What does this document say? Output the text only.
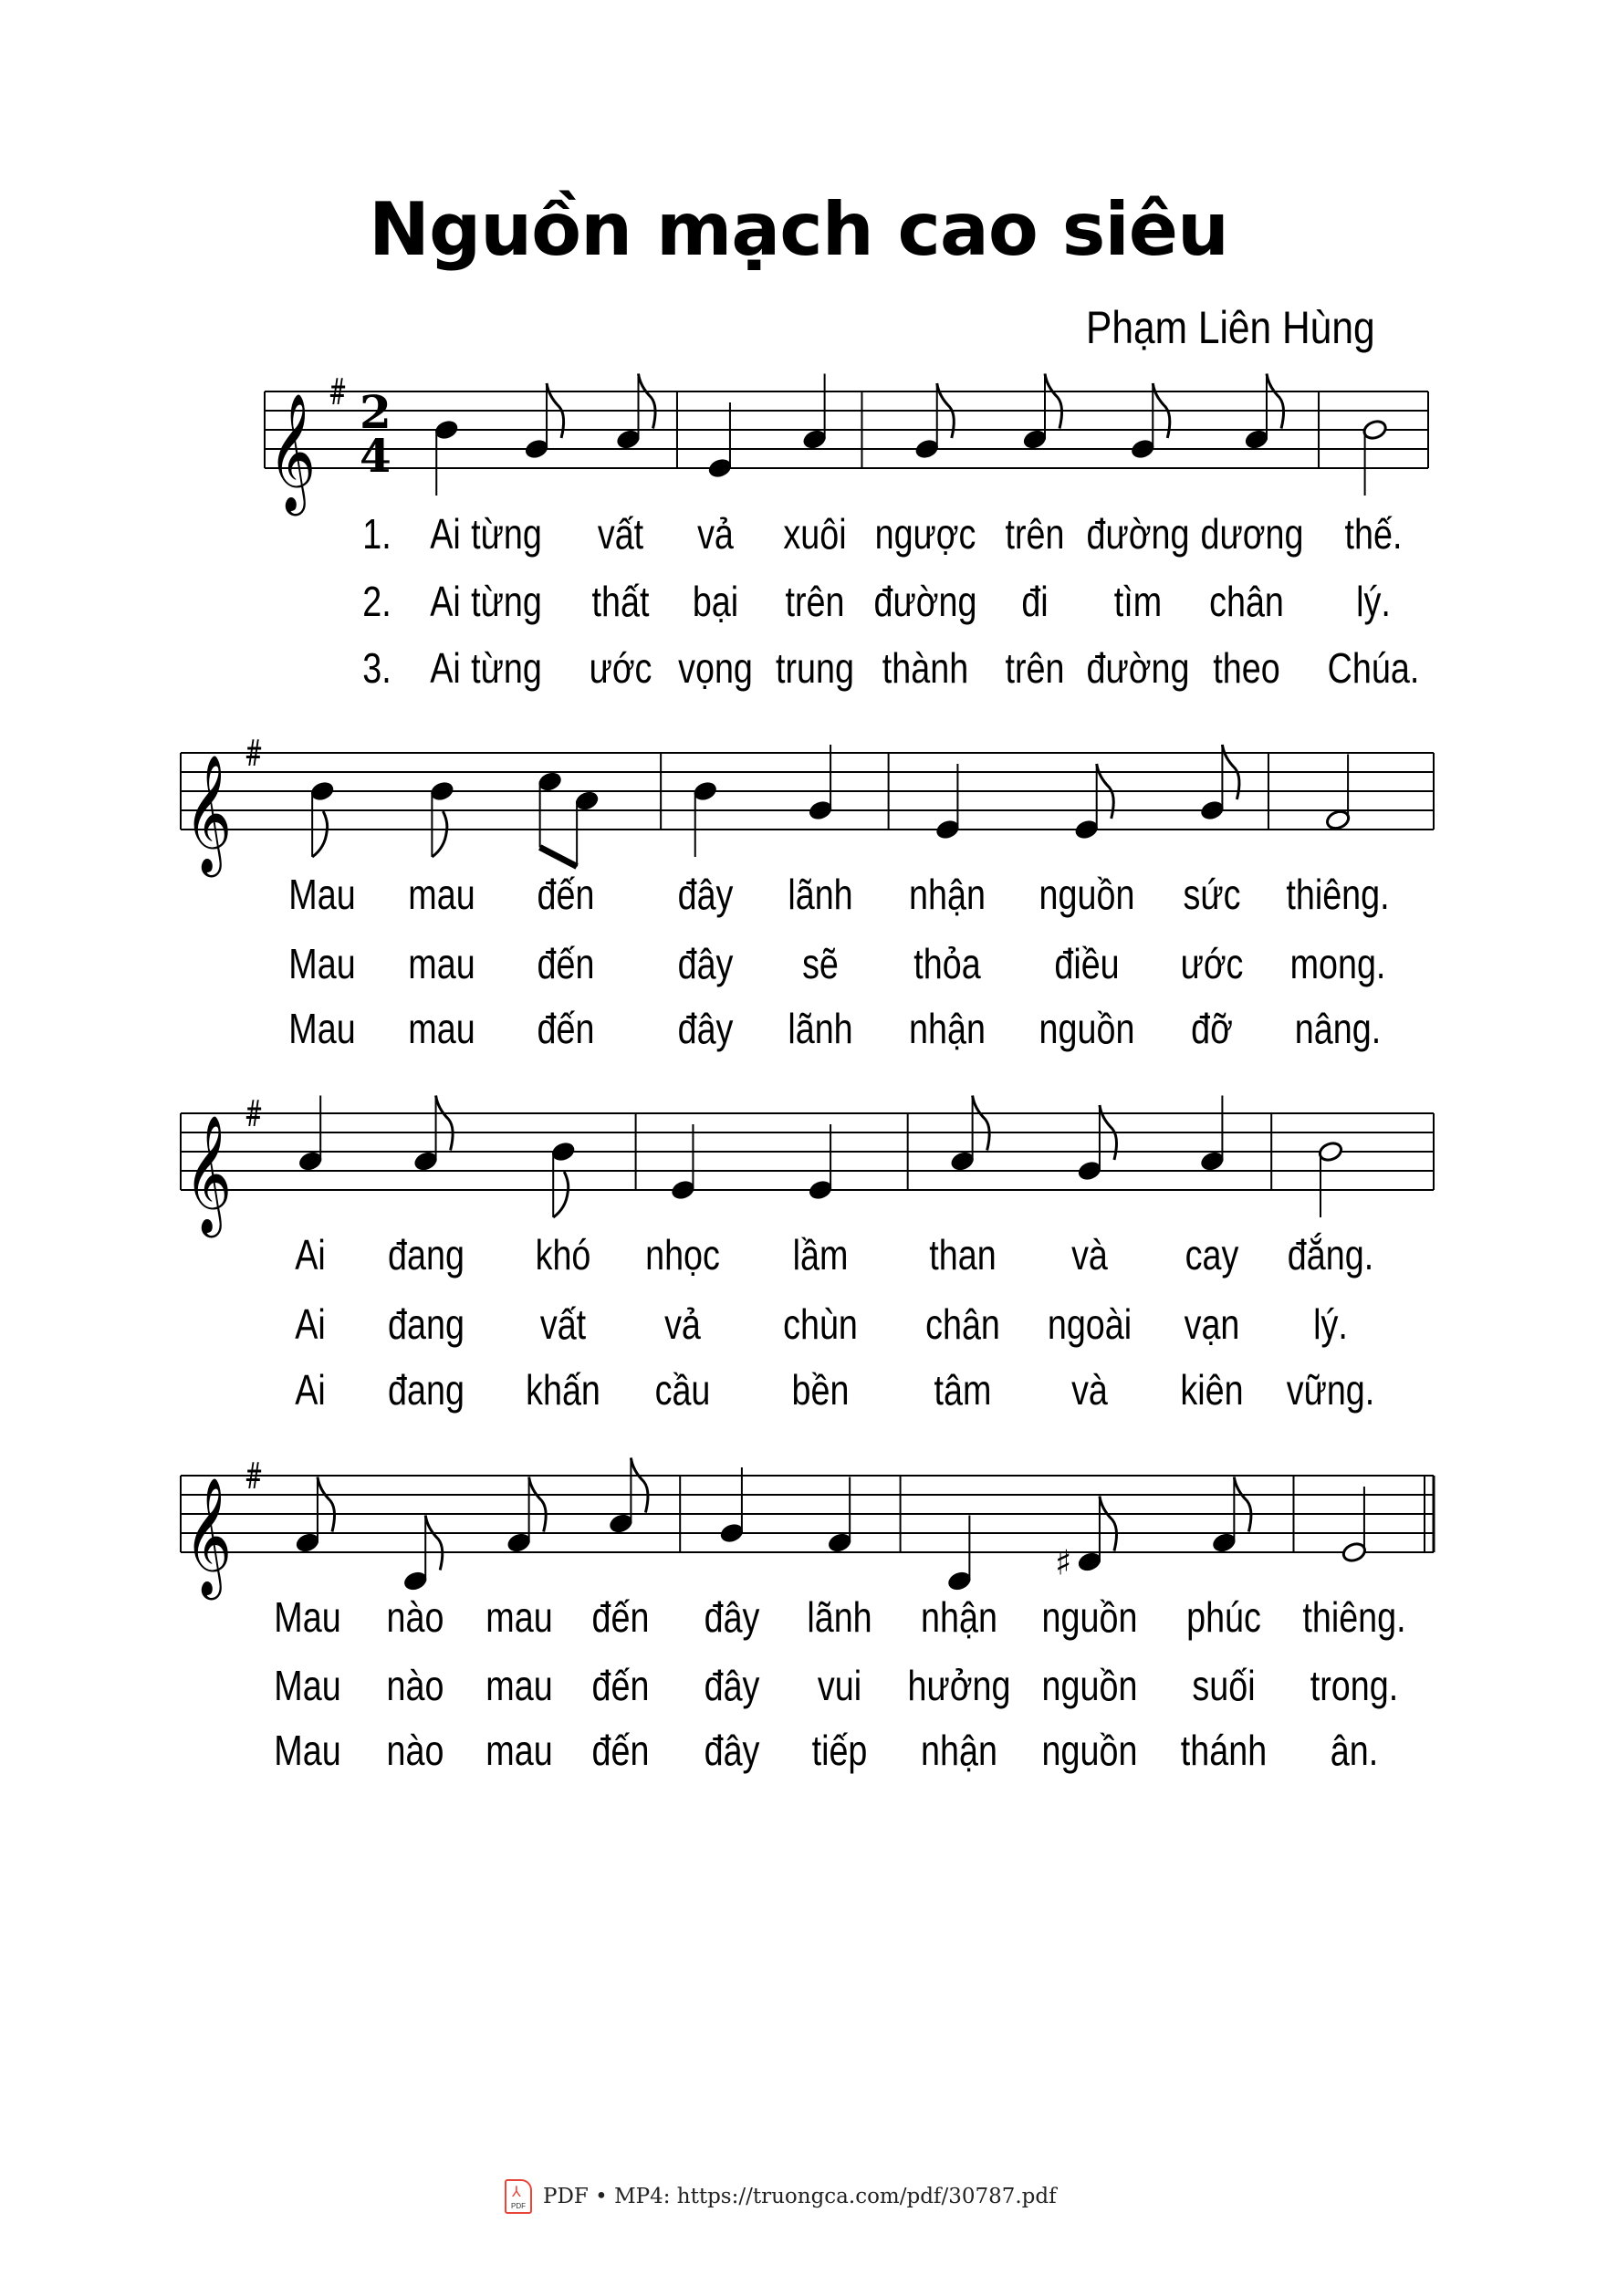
Nguồn mạch cao siêu
Phạm Liên Hùng
𝄞 # 2
4
𝄞 #
𝄞 #
𝄞 #
♯
1. Ai từng vất vả xuôi ngược trên đường dương thế.
2. Ai từng thất bại trên đường đi tìm chân lý.
3. Ai từng ước vọng trung thành trên đường theo Chúa.
Mau mau đến đây lãnh nhận nguồn sức thiêng.
Mau mau đến đây sẽ thỏa điều ước mong.
Mau mau đến đây lãnh nhận nguồn đỡ nâng.
Ai đang khó nhọc lầm than và cay đắng.
Ai đang vất vả chùn chân ngoài vạn lý.
Ai đang khấn cầu bền tâm và kiên vững.
Mau nào mau đến đây lãnh nhận nguồn phúc thiêng.
Mau nào mau đến đây vui hưởng nguồn suối trong.
Mau nào mau đến đây tiếp nhận nguồn thánh ân.
⅄
PDF PDF • MP4: https://truongca.com/pdf/30787.pdf
